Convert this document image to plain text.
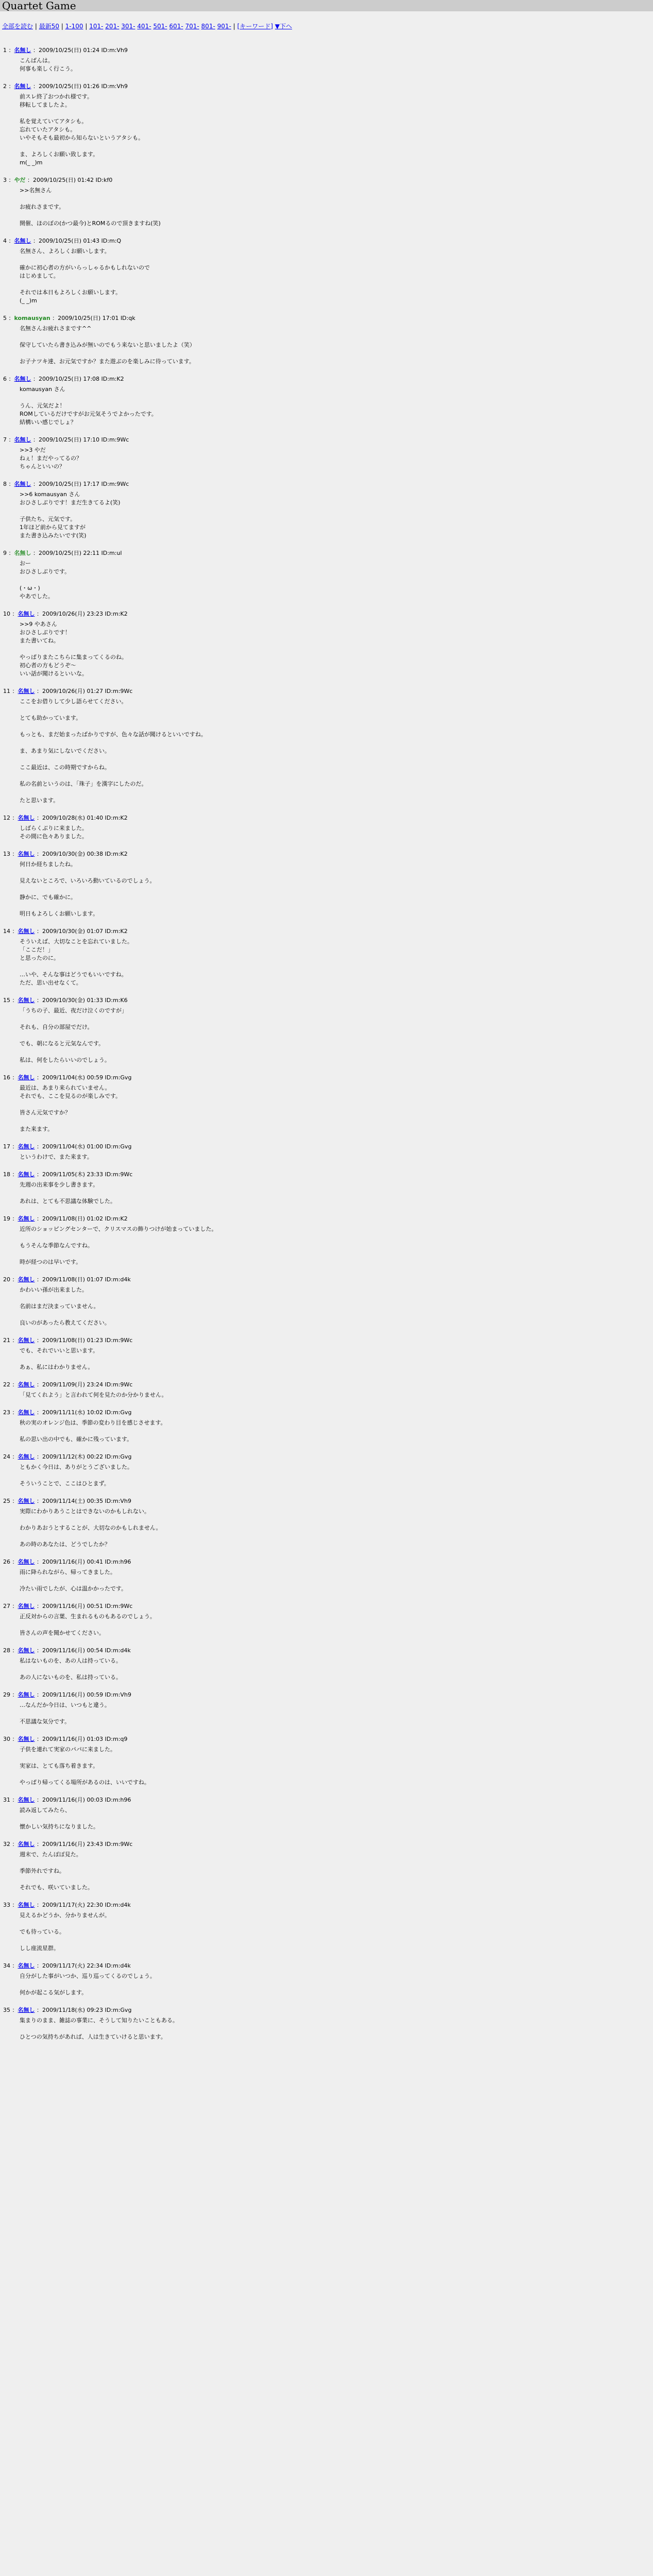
Quartet Game
全部を読む | 最新50 | 1-100 | 101- 201- 301- 401- 501- 601- 701- 801- 901- | [キーワード] ▼下へ
1 ：名無し ：2009/10/25(日) 01:24 ID:m:Vh9
こんばんは。
何事も楽しく行こう。
2 ：名無し ：2009/10/25(日) 01:26 ID:m:Vh9
前スレ終了おつかれ様です。
移転してましたよ。

私を覚えていてアタシも。
忘れていたアタシも。
いやそもそも最初から知らないというアタシも。

ま、よろしくお願い致します。
m(_ _)m
3 ：やだ ：2009/10/25(日) 01:42 ID:kf0
>>名無さん

お疲れさまです。

開催、ほのぼの(かつ最今)とROMるので頂きますね(笑)
4 ：名無し ：2009/10/25(日) 01:43 ID:m:Q
名無さん、よろしくお願いします。

確かに初心者の方がいらっしゃるかもしれないので
はじめまして。

それでは本日もよろしくお願いします。
(_ _)m
5 ：komausyan ：2009/10/25(日) 17:01 ID:qk
名無さんお疲れさまです^^

保守していたら書き込みが無いのでもう来ないと思いましたよ（笑）

お子ナツキ達、お元気ですか？また遊ぶのを楽しみに待っています。
6 ：名無し ：2009/10/25(日) 17:08 ID:m:K2
komausyan さん

うん、元気だよ！
ROMしているだけですがお元気そうでよかったです。
結構いい感じでしょ？
7 ：名無し ：2009/10/25(日) 17:10 ID:m:9Wc
>>3 やだ
ねぇ！まだやってるの？
ちゃんといいの？
8 ：名無し ：2009/10/25(日) 17:17 ID:m:9Wc
>>6 komausyan さん
おひさしぶりです！まだ生きてるよ(笑)

子供たち、元気です。
1年ほど前から見てますが
また書き込みたいです(笑)
9 ：名無し ：2009/10/25(日) 22:11 ID:m:ul
おー
おひさしぶりです。

(・ω・)
やあでした。
10 ：名無し ：2009/10/26(月) 23:23 ID:m:K2
>>9 やあさん
おひさしぶりです！
また書いてね。

やっぱりまたこちらに集まってくるのね。
初心者の方もどうぞ〜
いい話が聞けるといいな。
11 ：名無し ：2009/10/26(月) 01:27 ID:m:9Wc
ここをお借りして少し語らせてください。

とても助かっています。

もっとも、まだ始まったばかりですが、色々な話が聞けるといいですね。

ま、あまり気にしないでください。

ここ最近は、この時期ですからね。

私の名前というのは、「珠子」を漢字にしたのだ。

たと思います。
12 ：名無し ：2009/10/28(水) 01:40 ID:m:K2
しばらくぶりに来ました。
その間に色々ありました。
13 ：名無し ：2009/10/30(金) 00:38 ID:m:K2
何日か経ちましたね。

見えないところで、いろいろ動いているのでしょう。

静かに、でも確かに。

明日もよろしくお願いします。
14 ：名無し ：2009/10/30(金) 01:07 ID:m:K2
そういえば、大切なことを忘れていました。
「ここだ！」
と思ったのに。

…いや、そんな事はどうでもいいですね。
ただ、思い出せなくて。
15 ：名無し ：2009/10/30(金) 01:33 ID:m:K6
「うちの子、最近、夜だけ泣くのですが」

それも、自分の部屋でだけ。

でも、朝になると元気なんです。

私は、何をしたらいいのでしょう。
16 ：名無し ：2009/11/04(水) 00:59 ID:m:Gvg
最近は、あまり来られていません。
それでも、ここを見るのが楽しみです。

皆さん元気ですか？

また来ます。
17 ：名無し ：2009/11/04(水) 01:00 ID:m:Gvg
というわけで、また来ます。
18 ：名無し ：2009/11/05(木) 23:33 ID:m:9Wc
先週の出来事を少し書きます。

あれは、とても不思議な体験でした。
19 ：名無し ：2009/11/08(日) 01:02 ID:m:K2
近所のショッピングセンターで、クリスマスの飾りつけが始まっていました。

もうそんな季節なんですね。

時が経つのは早いです。
20 ：名無し ：2009/11/08(日) 01:07 ID:m:d4k
かわいい孫が出来ました。

名前はまだ決まっていません。

良いのがあったら教えてください。
21 ：名無し ：2009/11/08(日) 01:23 ID:m:9Wc
でも、それでいいと思います。

あぁ、私にはわかりません。
22 ：名無し ：2009/11/09(月) 23:24 ID:m:9Wc
「見てくれよう」と言われて何を見たのか分かりません。
23 ：名無し ：2009/11/11(水) 10:02 ID:m:Gvg
秋の実のオレンジ色は、季節の変わり目を感じさせます。

私の思い出の中でも、確かに残っています。
24 ：名無し ：2009/11/12(木) 00:22 ID:m:Gvg
ともかく今日は、ありがとうございました。

そういうことで、ここはひとまず。
25 ：名無し ：2009/11/14(土) 00:35 ID:m:Vh9
実際にわかりあうことはできないのかもしれない。

わかりあおうとすることが、大切なのかもしれません。

あの時のあなたは、どうでしたか？
26 ：名無し ：2009/11/16(月) 00:41 ID:m:h96
雨に降られながら、帰ってきました。

冷たい雨でしたが、心は温かかったです。
27 ：名無し ：2009/11/16(月) 00:51 ID:m:9Wc
正反対からの言葉、生まれるものもあるのでしょう。

皆さんの声を聞かせてください。
28 ：名無し ：2009/11/16(月) 00:54 ID:m:d4k
私はないものを、あの人は持っている。

あの人にないものを、私は持っている。
29 ：名無し ：2009/11/16(月) 00:59 ID:m:Vh9
…なんだか今日は、いつもと違う。

不思議な気分です。
30 ：名無し ：2009/11/16(月) 01:03 ID:m:q9
子供を連れて実家のパパに来ました。

実家は、とても落ち着きます。

やっぱり帰ってくる場所があるのは、いいですね。
31 ：名無し ：2009/11/16(月) 00:03 ID:m:h96
読み返してみたら、

懐かしい気持ちになりました。
32 ：名無し ：2009/11/16(月) 23:43 ID:m:9Wc
週末で、たんぽぽ見た。

季節外れですね。

それでも、咲いていました。
33 ：名無し ：2009/11/17(火) 22:30 ID:m:d4k
見えるかどうか、分かりませんが。

でも待っている。

しし座流星群。
34 ：名無し ：2009/11/17(火) 22:34 ID:m:d4k
自分がした事がいつか、巡り巡ってくるのでしょう。

何かが起こる気がします。
35 ：名無し ：2009/11/18(水) 09:23 ID:m:Gvg
集まりのまま、雑誌の事業に、そうして知りたいこともある。

ひとつの気持ちがあれば、人は生きていけると思います。
